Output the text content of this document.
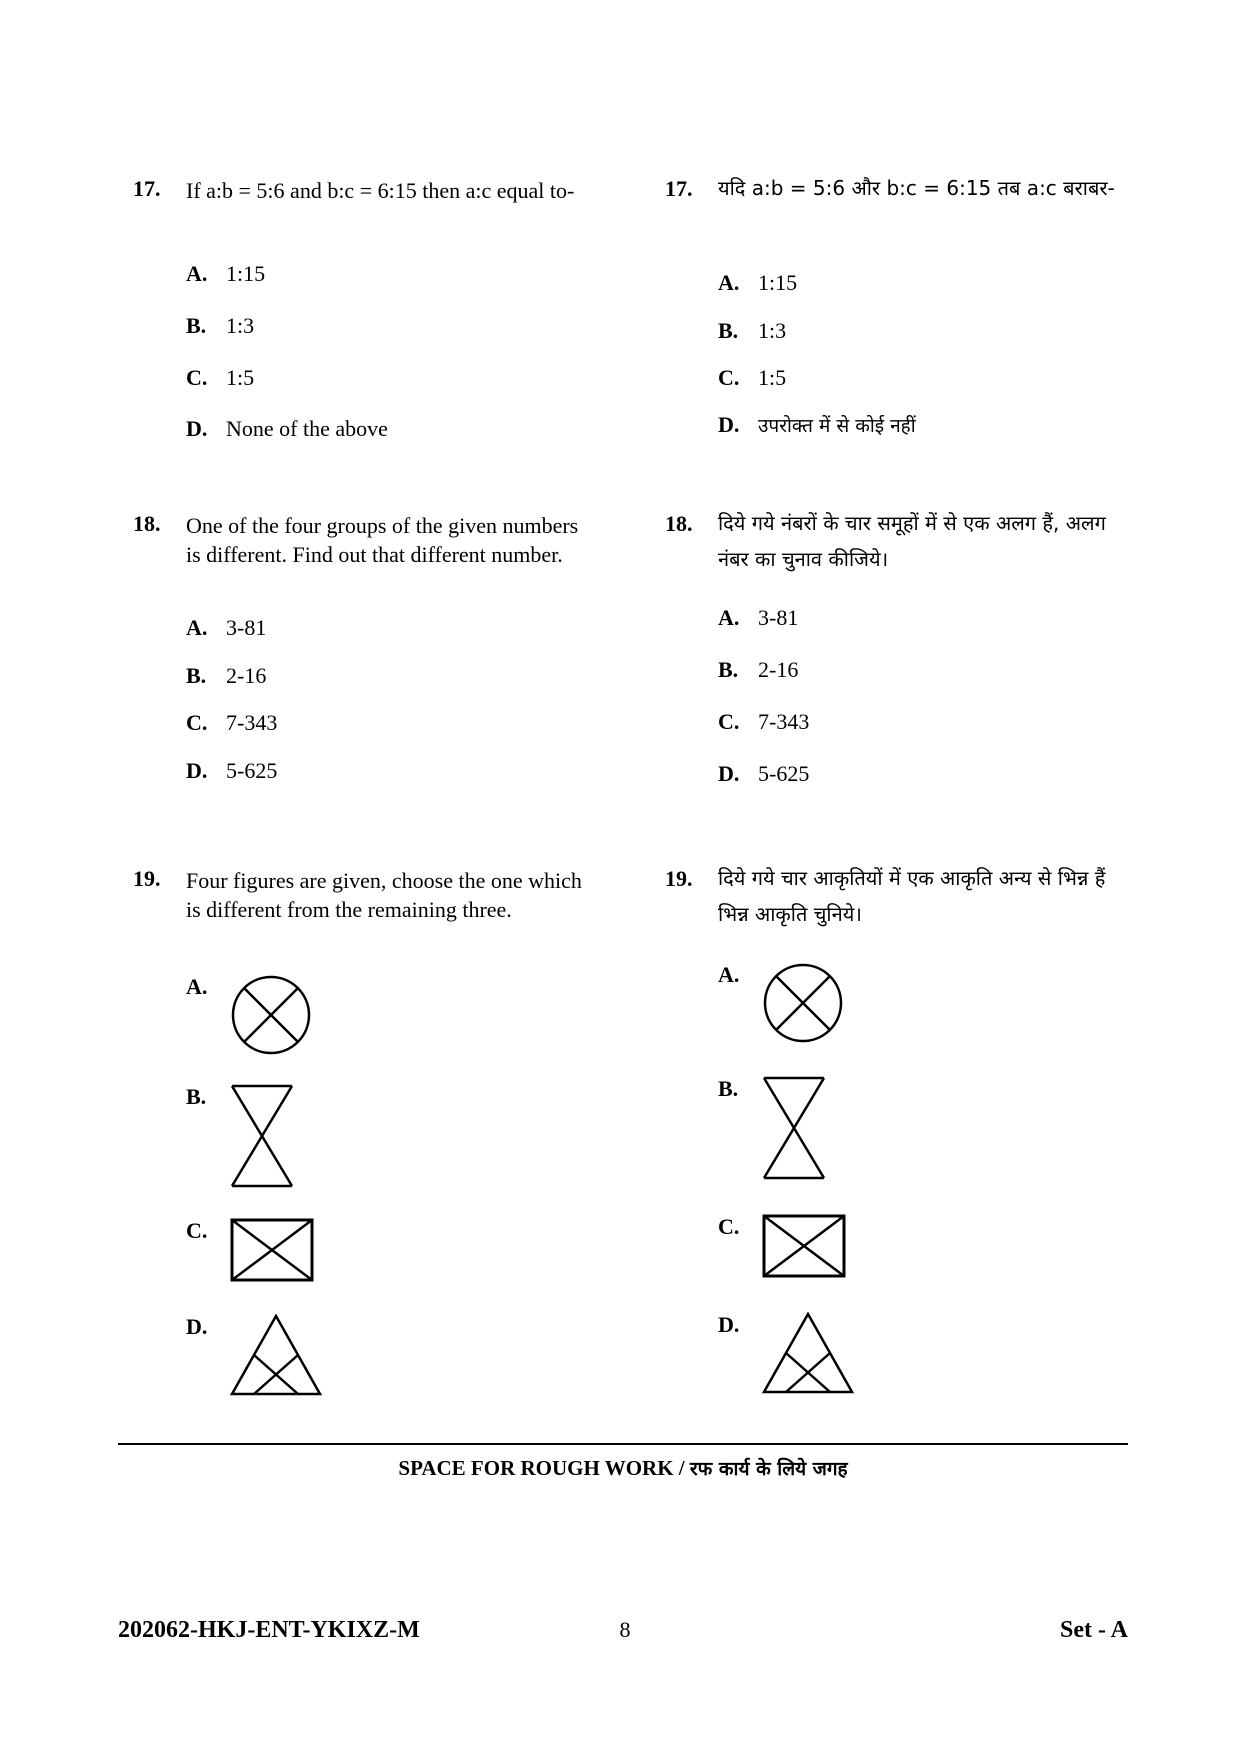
17. If a:b = 5:6 and b:c = 6:15 then a:c equal to-
A. 1:15
B. 1:3
C. 1:5
D. None of the above
18. One of the four groups of the given numbers is different. Find out that different number.
A. 3-81
B. 2-16
C. 7-343
D. 5-625
19. Four figures are given, choose the one which is different from the remaining three.
A.
B.
C.
D.
17. यदि a:b = 5:6 और b:c = 6:15 तब a:c बराबर-
A. 1:15
B. 1:3
C. 1:5
D. उपरोक्त में से कोई नहीं
18. दिये गये नंबरों के चार समूहों में से एक अलग हैं, अलग नंबर का चुनाव कीजिये।
A. 3-81
B. 2-16
C. 7-343
D. 5-625
19. दिये गये चार आकृतियों में एक आकृति अन्य से भिन्न हैं भिन्न आकृति चुनिये।
A.
B.
C.
D.
SPACE FOR ROUGH WORK / रफ कार्य के लिये जगह
202062-HKJ-ENT-YKIXZ-M	8	Set - A
